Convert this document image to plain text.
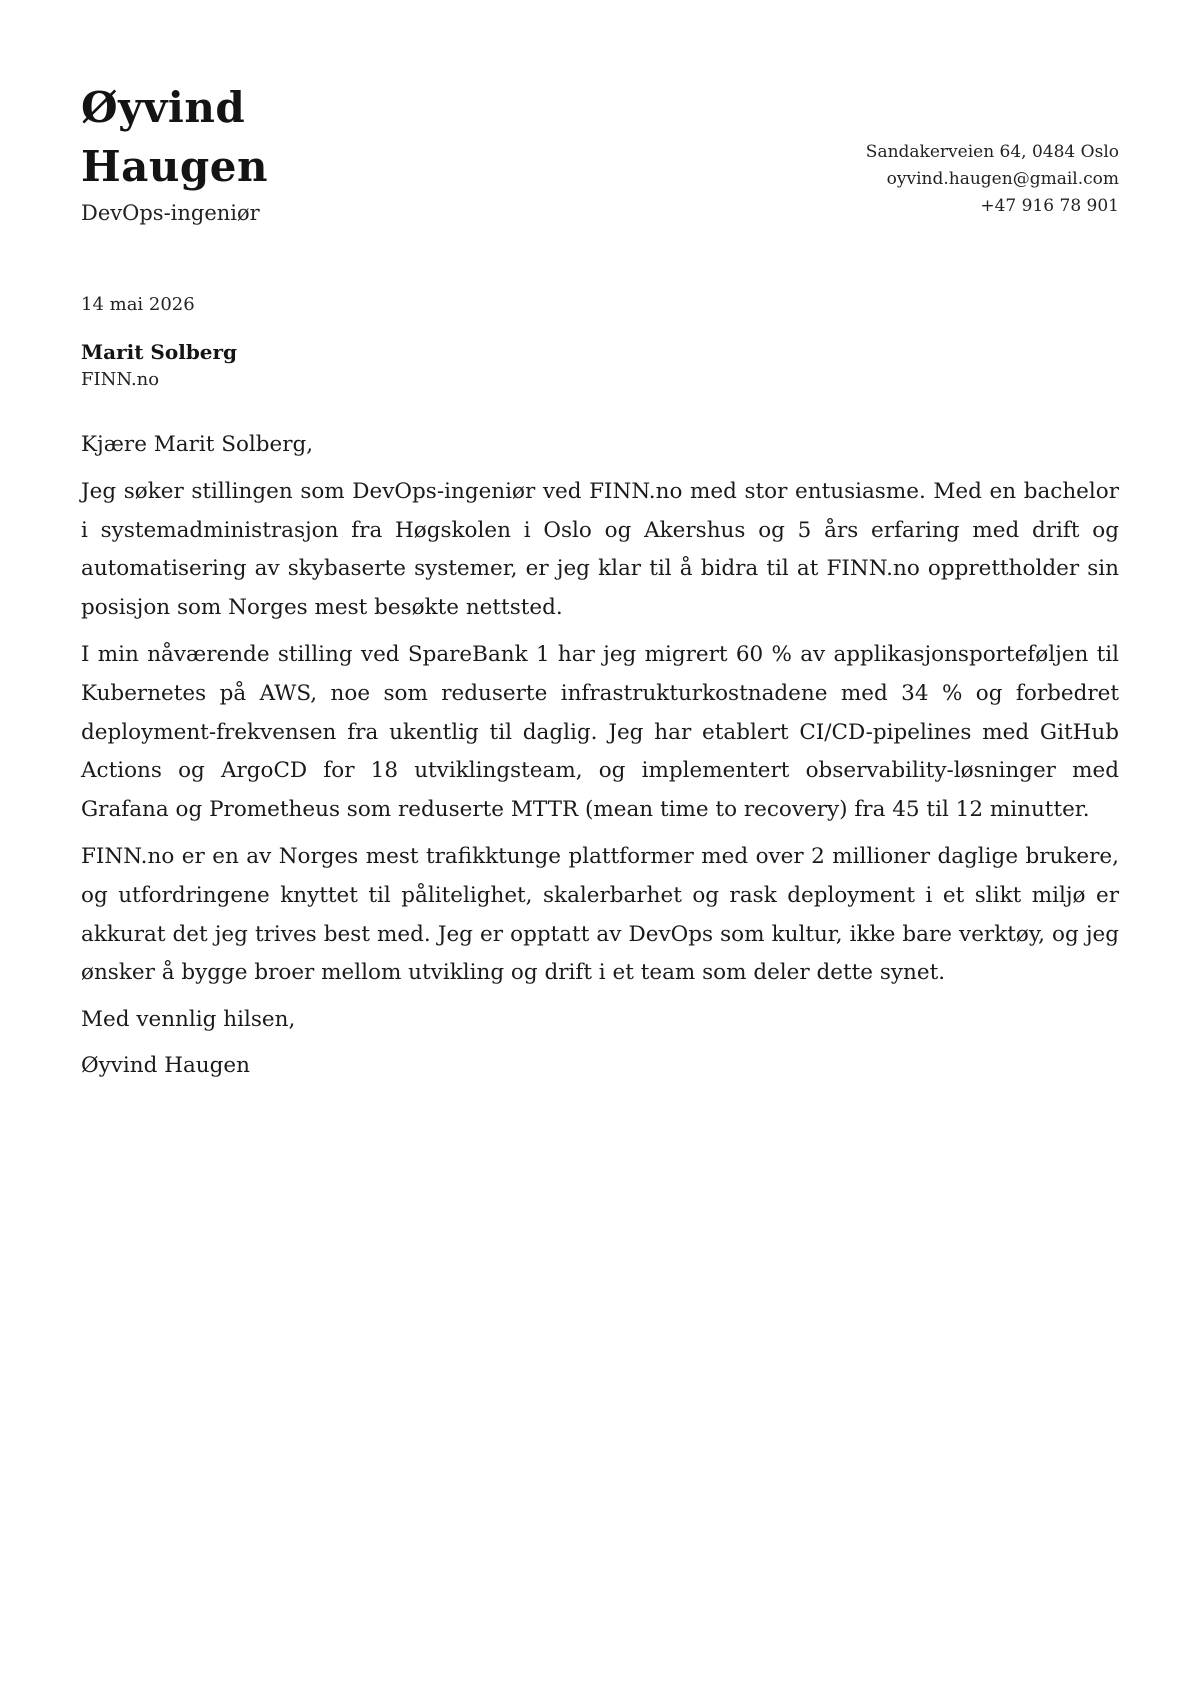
Øyvind
Haugen
DevOps-ingeniør
Sandakerveien 64, 0484 Oslo
oyvind.haugen@gmail.com
+47 916 78 901
14 mai 2026
Marit Solberg
FINN.no
Kjære Marit Solberg,
Jeg søker stillingen som DevOps-ingeniør ved FINN.no med stor entusiasme. Med en bachelor i systemadministrasjon fra Høgskolen i Oslo og Akershus og 5 års erfaring med drift og automatisering av skybaserte systemer, er jeg klar til å bidra til at FINN.no opprettholder sin posisjon som Norges mest besøkte nettsted.
I min nåværende stilling ved SpareBank 1 har jeg migrert 60 % av applikasjonsporteføljen til Kubernetes på AWS, noe som reduserte infrastrukturkostnadene med 34 % og forbedret deployment-frekvensen fra ukentlig til daglig. Jeg har etablert CI/CD-pipelines med GitHub Actions og ArgoCD for 18 utviklingsteam, og implementert observability-løsninger med Grafana og Prometheus som reduserte MTTR (mean time to recovery) fra 45 til 12 minutter.
FINN.no er en av Norges mest trafikktunge plattformer med over 2 millioner daglige brukere, og utfordringene knyttet til pålitelighet, skalerbarhet og rask deployment i et slikt miljø er akkurat det jeg trives best med. Jeg er opptatt av DevOps som kultur, ikke bare verktøy, og jeg ønsker å bygge broer mellom utvikling og drift i et team som deler dette synet.
Med vennlig hilsen,
Øyvind Haugen
